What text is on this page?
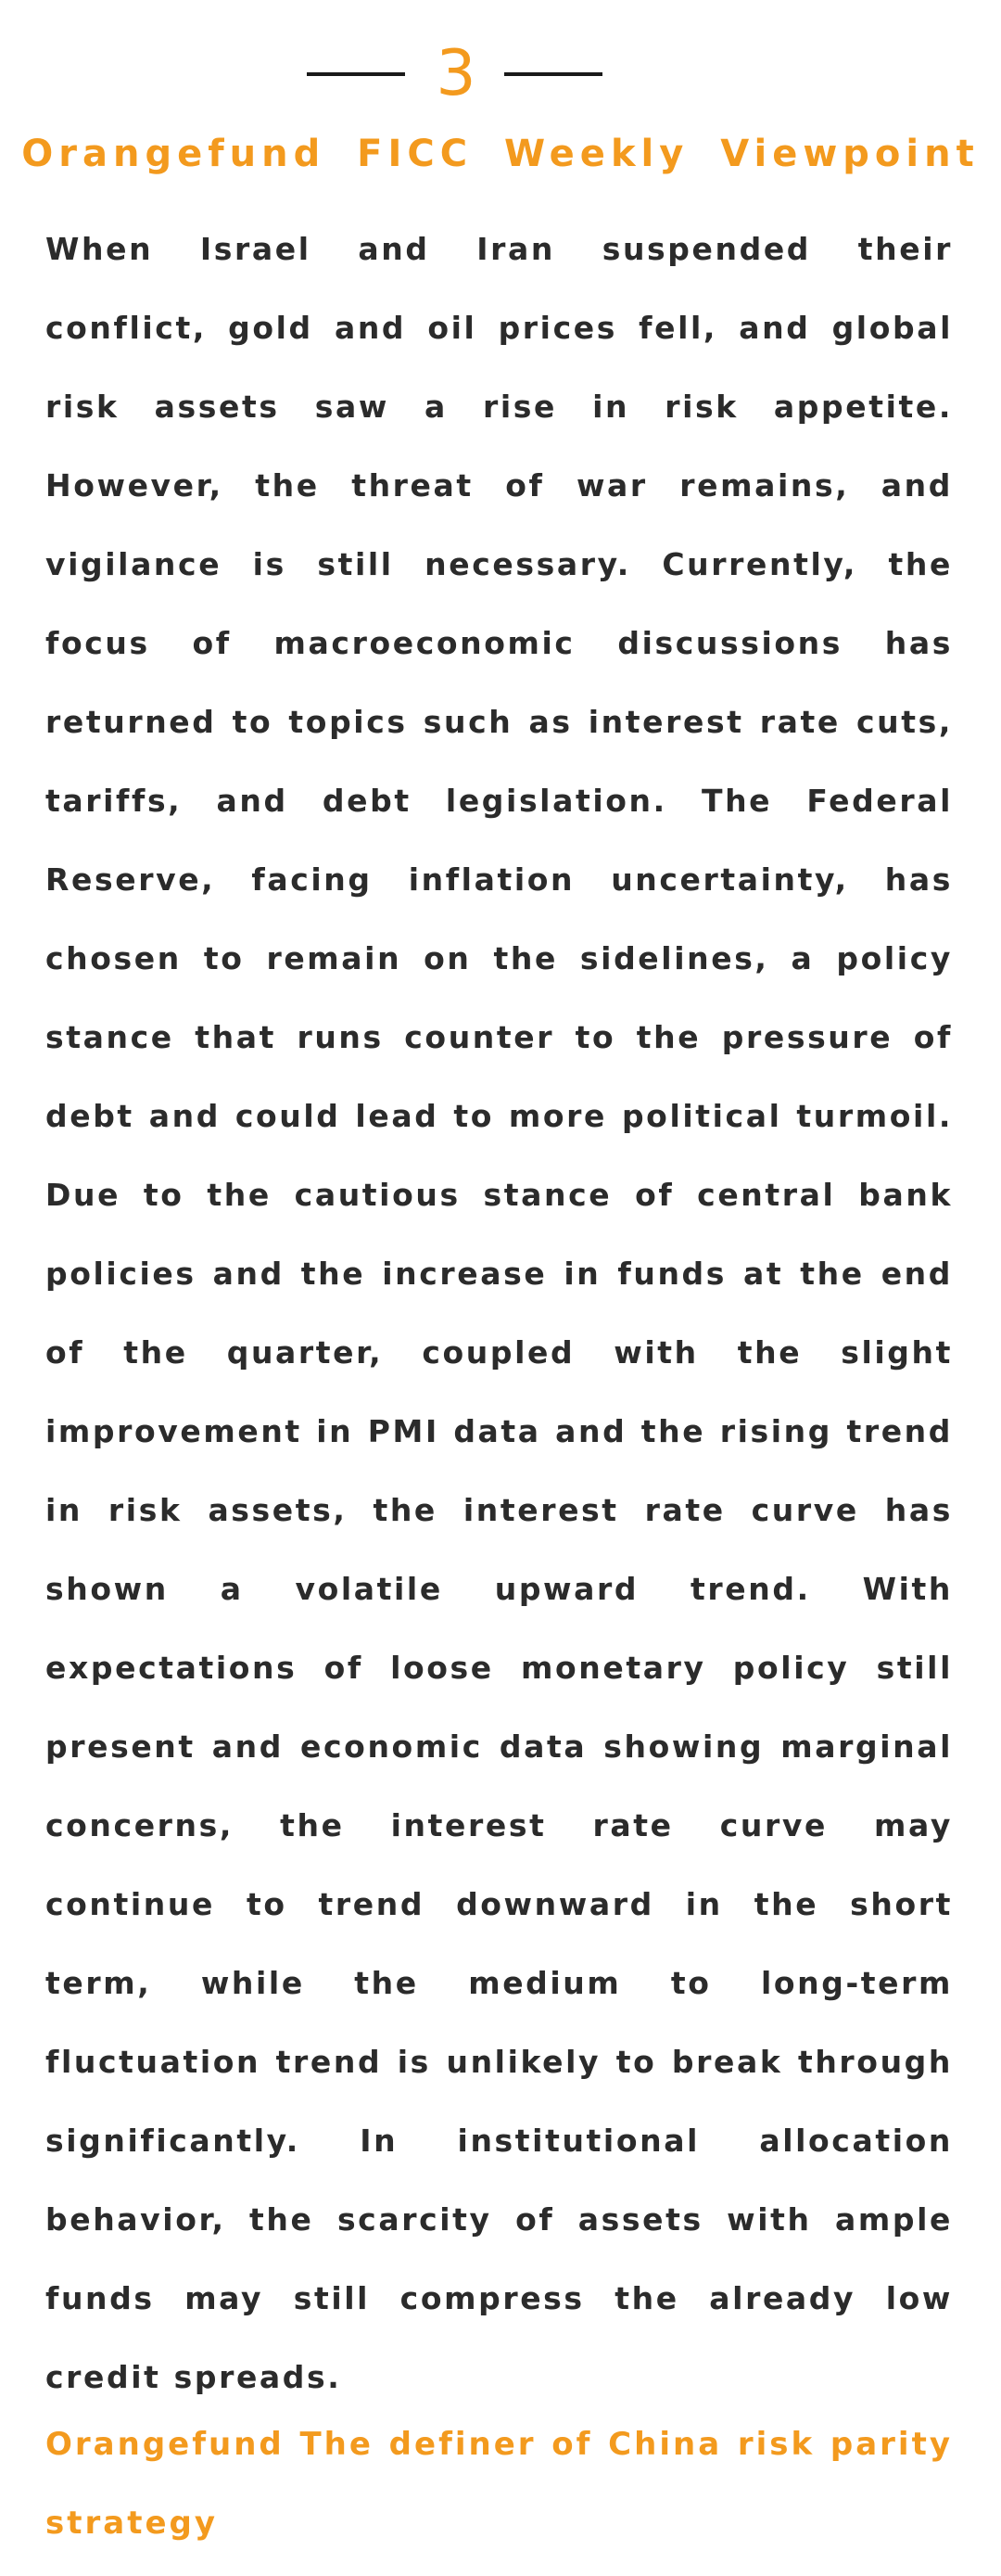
3
Orangefund FICC Weekly Viewpoint

When Israel and Iran suspended their conflict, gold and oil prices fell, and global risk assets saw a rise in risk appetite. However, the threat of war remains, and vigilance is still necessary. Currently, the focus of macroeconomic discussions has returned to topics such as interest rate cuts, tariffs, and debt legislation. The Federal Reserve, facing inflation uncertainty, has chosen to remain on the sidelines, a policy stance that runs counter to the pressure of debt and could lead to more political turmoil. Due to the cautious stance of central bank policies and the increase in funds at the end of the quarter, coupled with the slight improvement in PMI data and the rising trend in risk assets, the interest rate curve has shown a volatile upward trend. With expectations of loose monetary policy still present and economic data showing marginal concerns, the interest rate curve may continue to trend downward in the short term, while the medium to long-term fluctuation trend is unlikely to break through significantly. In institutional allocation behavior, the scarcity of assets with ample funds may still compress the already low credit spreads.

Orangefund The definer of China risk parity strategy
